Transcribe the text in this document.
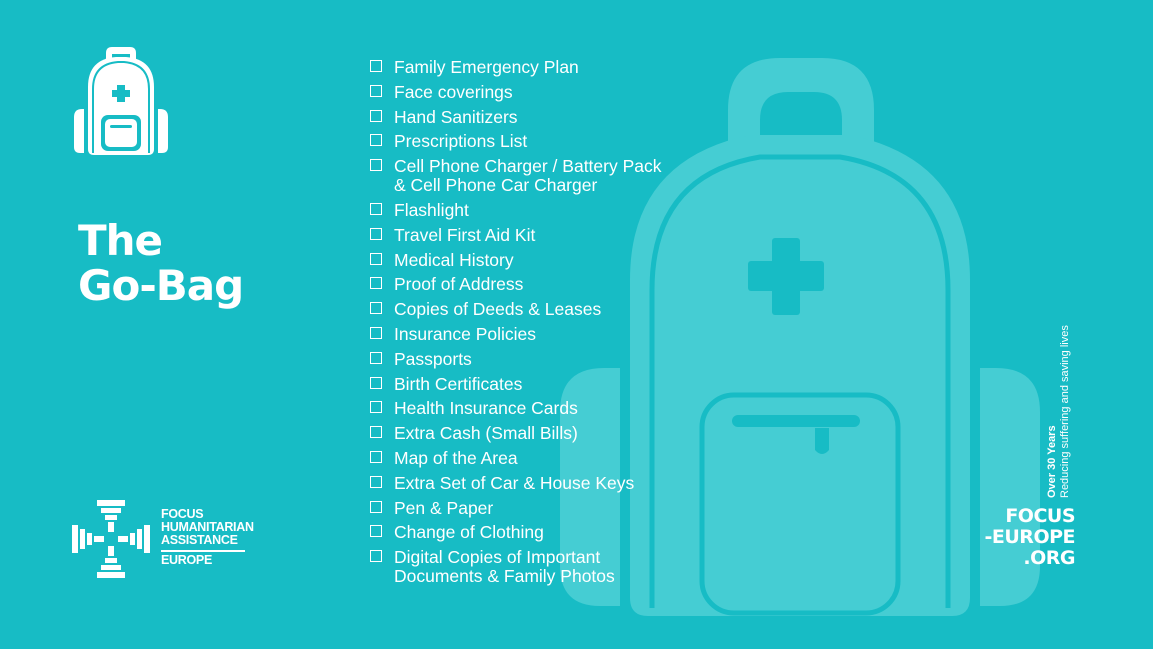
The
Go-Bag
Family Emergency Plan
Face coverings
Hand Sanitizers
Prescriptions List
Cell Phone Charger / Battery Pack
& Cell Phone Car Charger
Flashlight
Travel First Aid Kit
Medical History
Proof of Address
Copies of Deeds & Leases
Insurance Policies
Passports
Birth Certificates
Health Insurance Cards
Extra Cash (Small Bills)
Map of the Area
Extra Set of Car & House Keys
Pen & Paper
Change of Clothing
Digital Copies of Important
Documents & Family Photos
FOCUS
HUMANITARIAN
ASSISTANCE
EUROPE
Over 30 Years Reducing suffering and saving lives
FOCUS
-EUROPE
.ORG
